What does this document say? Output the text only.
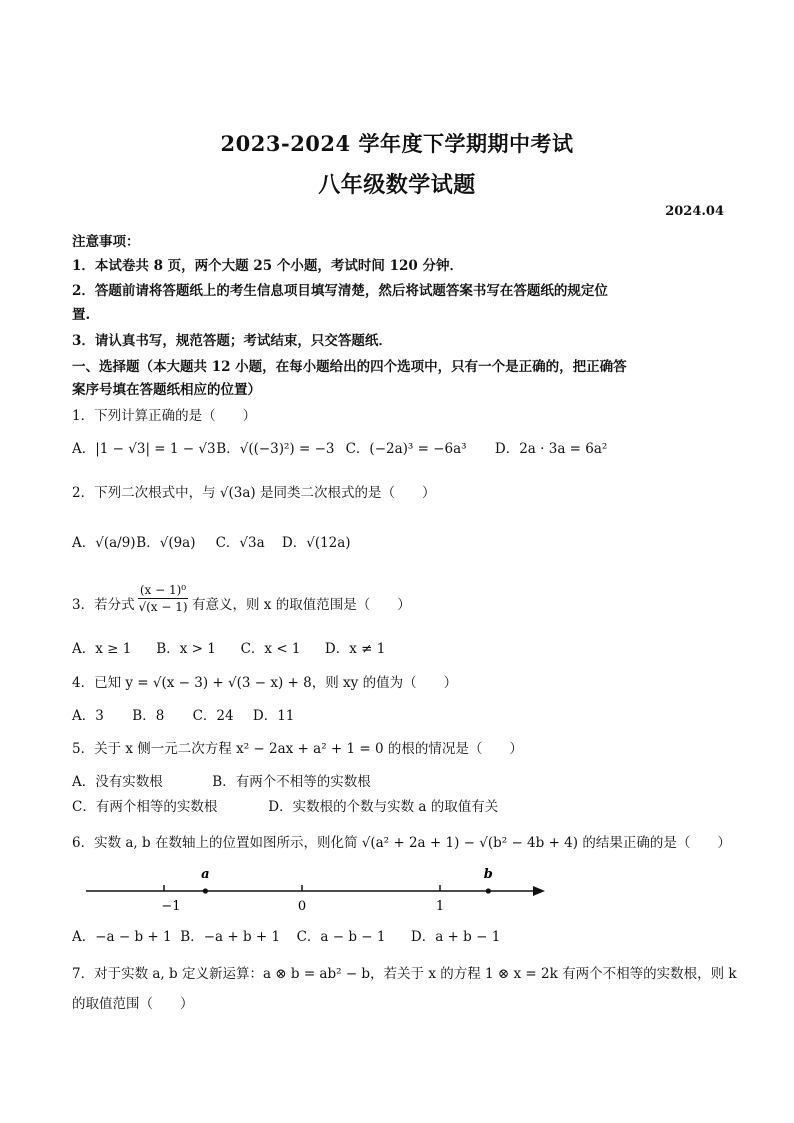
2023-2024 学年度下学期期中考试
八年级数学试题
2024.04
注意事项：
1．本试卷共 8 页，两个大题 25 个小题，考试时间 120 分钟．
2．答题前请将答题纸上的考生信息项目填写清楚，然后将试题答案书写在答题纸的规定位
置.
3．请认真书写，规范答题；考试结束，只交答题纸．
一、选择题（本大题共 12 小题，在每小题给出的四个选项中，只有一个是正确的，把正确答
案序号填在答题纸相应的位置）
1．下列计算正确的是（　　）
A．|1 − √3| = 1 − √3 B．√((−3)²) = −3 C．(−2a)³ = −6a³ D．2a · 3a = 6a²
2．下列二次根式中，与 √(3a) 是同类二次根式的是（　　）
A．√(a/9) B．√(9a) C．√3a D．√(12a)
3．若分式 $\frac{\text{(x − 1)⁰}}{√(x - 1)}$ 有意义，则 x 的取值范围是（　　）
A．x ≥ 1 B．x > 1 C．x < 1 D．x ≠ 1
4．已知 y = √(x − 3) + √(3 − x) + 8，则 xy 的值为（　　）
A．3 B．8 C．24 D．11
5．关于 x 侧一元二次方程 x² − 2ax + a² + 1 = 0 的根的情况是（　　）
A．没有实数根	B．有两个不相等的实数根
C．有两个相等的实数根	D．实数根的个数与实数 a 的取值有关
6．实数 a, b 在数轴上的位置如图所示，则化简 √(a² + 2a + 1) − √(b² − 4b + 4) 的结果正确的是（　　）
−1	0	1
a	b
A．−a − b + 1 B．−a + b + 1 C．a − b − 1 D．a + b − 1
7．对于实数 a, b 定义新运算：a ⊗ b = ab² − b，若关于 x 的方程 1 ⊗ x = 2k 有两个不相等的实数根，则 k
的取值范围（　　）
